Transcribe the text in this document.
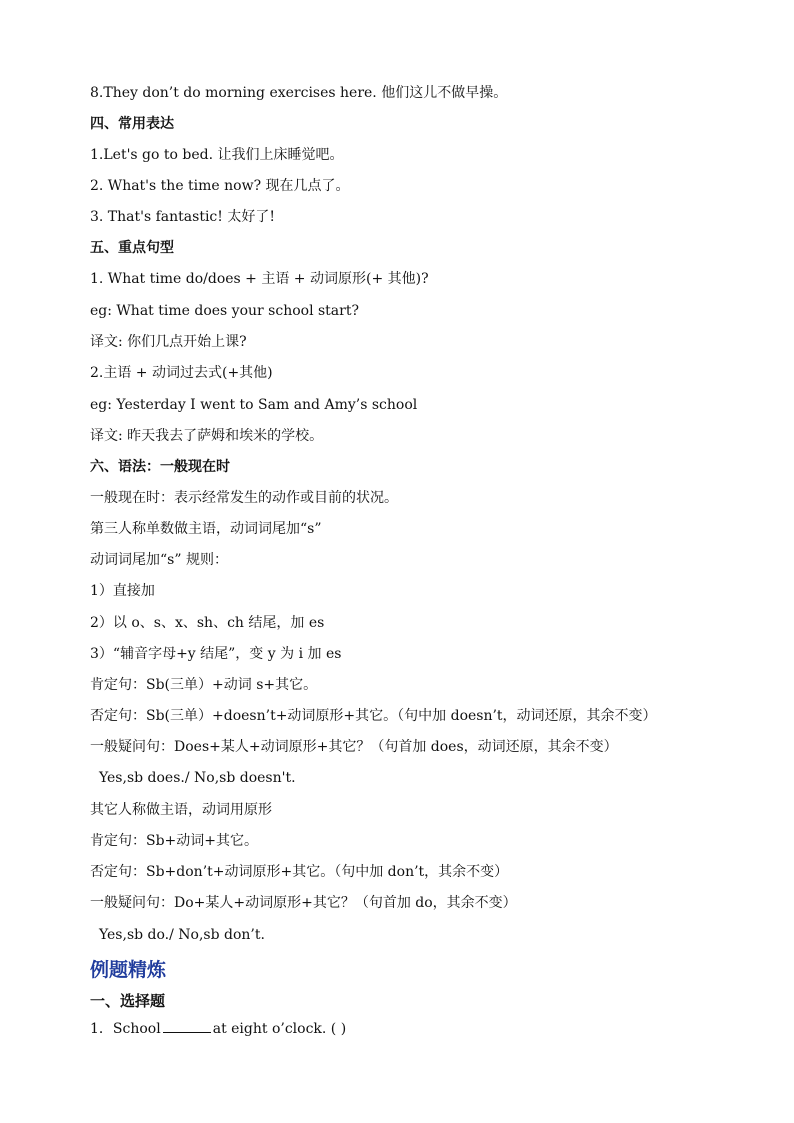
8.They don’t do morning exercises here. 他们这儿不做早操。
四、常用表达
1.Let's go to bed. 让我们上床睡觉吧。
2. What's the time now? 现在几点了。
3. That's fantastic! 太好了!
五、重点句型
1. What time do/does + 主语 + 动词原形(+ 其他)?
eg: What time does your school start?
译文: 你们几点开始上课?
2.主语 + 动词过去式(+其他)
eg: Yesterday I went to Sam and Amy’s school
译文: 昨天我去了萨姆和埃米的学校。
六、语法：一般现在时
一般现在时：表示经常发生的动作或目前的状况。
第三人称单数做主语，动词词尾加“s”
动词词尾加“s” 规则：
1）直接加
2）以 o、s、x、sh、ch 结尾，加 es
3）“辅音字母+y 结尾”，变 y 为 i 加 es
肯定句：Sb(三单）+动词 s+其它。
否定句：Sb(三单）+doesn’t+动词原形+其它。（句中加 doesn’t，动词还原，其余不变）
一般疑问句：Does+某人+动词原形+其它？（句首加 does，动词还原，其余不变）
Yes,sb does./ No,sb doesn't.
其它人称做主语，动词用原形
肯定句：Sb+动词+其它。
否定句：Sb+don’t+动词原形+其它。（句中加 don’t，其余不变）
一般疑问句：Do+某人+动词原形+其它？（句首加 do，其余不变）
Yes,sb do./ No,sb don’t.
例题精炼
一、选择题
1．School	at eight o’clock. ( )
